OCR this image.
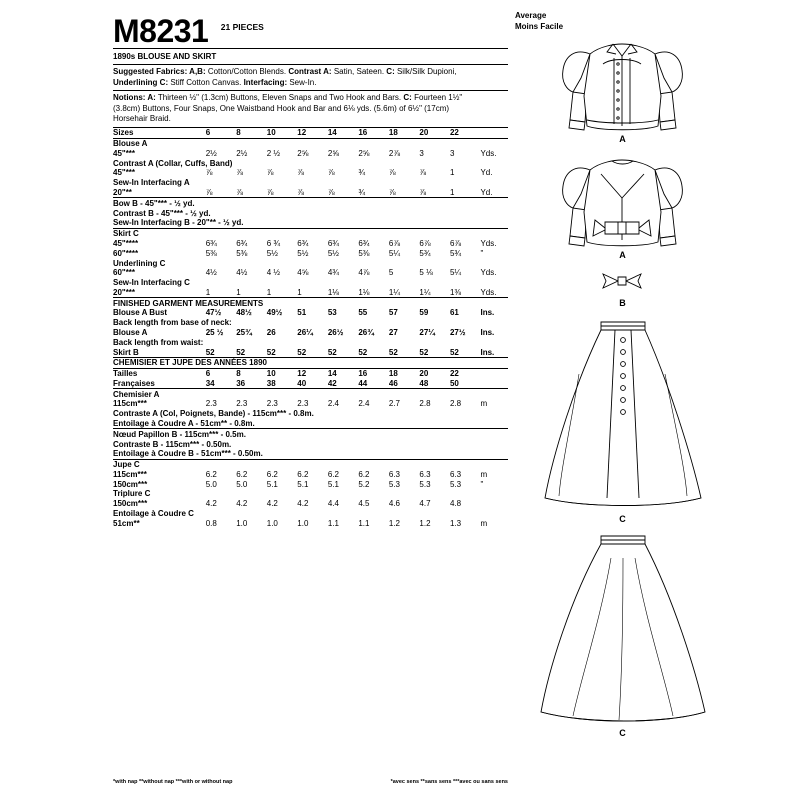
Average
Moins Facile
A
A
B
C
C
M8231 21 PIECES
1890s BLOUSE AND SKIRT
Suggested Fabrics: A,B: Cotton/Cotton Blends. Contrast A: Satin, Sateen. C: Silk/Silk Dupioni,
Underlining C: Stiff Cotton Canvas. Interfacing: Sew-In.
Notions: A: Thirteen ½" (1.3cm) Buttons, Eleven Snaps and Two Hook and Bars. C: Fourteen 1½"
(3.8cm) Buttons, Four Snaps, One Waistband Hook and Bar and 6⅛ yds. (5.6m) of 6½" (17cm)
Horsehair Braid.
Sizes	6	8	10	12	14	16	18	20	22	
Blouse A										
45"***	2½	2½	2 ½	2⅝	2⅝	2⅝	2⅞	3	3	Yds.
Contrast A (Collar, Cuffs, Band)										
45"***	⅞	⅞	⅞	⅞	⅞	¾	⅞	⅞	1	Yd.
Sew-In Interfacing A										
20"**	⅞	⅞	⅞	⅞	⅞	¾	⅞	⅞	1	Yd.
Bow B - 45"*** - ½ yd.										
Contrast B - 45"*** - ½ yd.										
Sew-In Interfacing B - 20"** - ½ yd.										
Skirt C										
45"****	6¾	6¾	6 ¾	6¾	6¾	6¾	6⅞	6⅞	6⅞	Yds.
60"****	5⅜	5⅜	5½	5½	5½	5⅜	5¼	5¾	5¾	"
Underlining C										
60"***	4½	4½	4 ½	4⅝	4¾	4⅞	5	5 ⅛	5¼	Yds.
Sew-In Interfacing C										
20"***	1	1	1	1	1⅛	1⅛	1¼	1¼	1⅜	Yds.
FINISHED GARMENT MEASUREMENTS										
Blouse A Bust	47½	48½	49½	51	53	55	57	59	61	Ins.
Back length from base of neck:										
Blouse A	25 ½	25¾	26	26¼	26½	26¾	27	27¼	27½	Ins.
Back length from waist:										
Skirt B	52	52	52	52	52	52	52	52	52	Ins.
CHEMISIER ET JUPE DES ANNÉES 1890										
Tailles	6	8	10	12	14	16	18	20	22	
Françaises	34	36	38	40	42	44	46	48	50	
Chemisier A										
115cm***	2.3	2.3	2.3	2.3	2.4	2.4	2.7	2.8	2.8	m
Contraste A (Col, Poignets, Bande) - 115cm*** - 0.8m.										
Entoilage à Coudre A - 51cm** - 0.8m.										
Nœud Papillon B - 115cm*** - 0.5m.										
Contraste B - 115cm*** - 0.50m.										
Entoilage à Coudre B - 51cm*** - 0.50m.										
Jupe C										
115cm***	6.2	6.2	6.2	6.2	6.2	6.2	6.3	6.3	6.3	m
150cm***	5.0	5.0	5.1	5.1	5.1	5.2	5.3	5.3	5.3	"
Triplure C										
150cm***	4.2	4.2	4.2	4.2	4.4	4.5	4.6	4.7	4.8	
Entoilage à Coudre C										
51cm**	0.8	1.0	1.0	1.0	1.1	1.1	1.2	1.2	1.3	m
*avec sens **sans sens ***avec ou sans sens
*with nap **without nap ***with or without nap
